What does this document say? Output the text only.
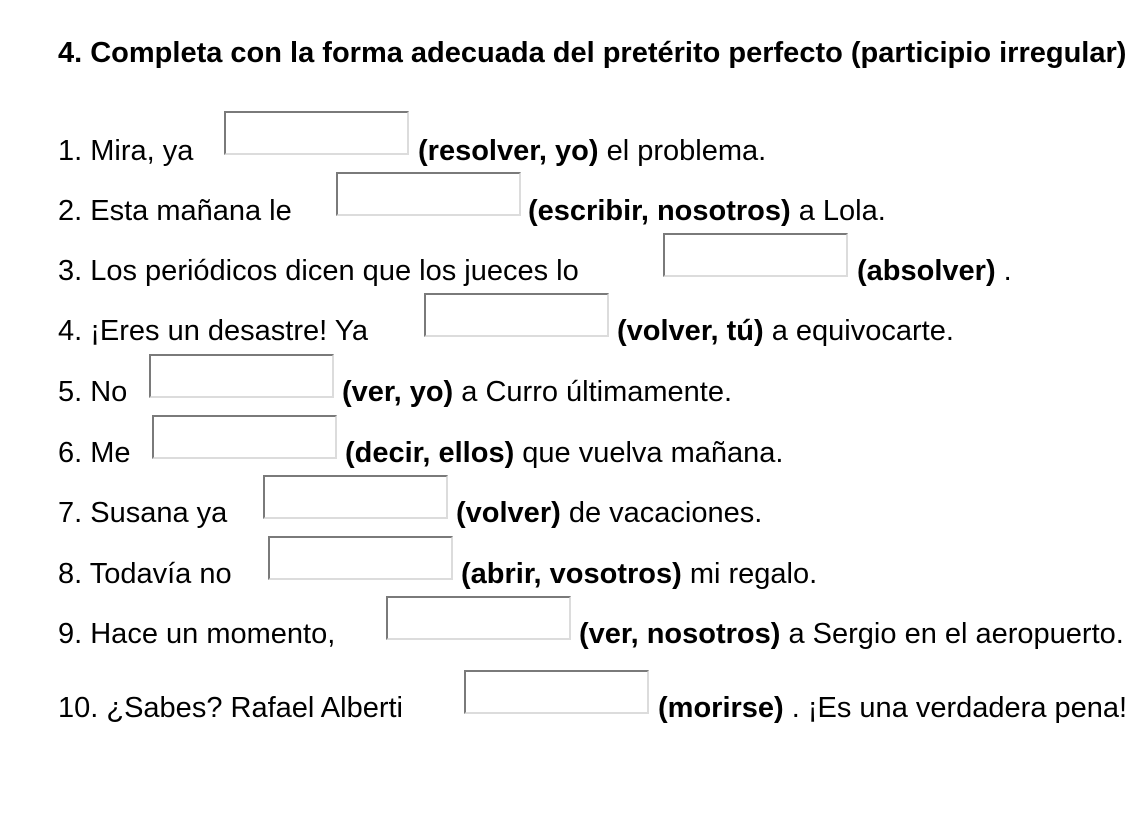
4. Completa con la forma adecuada del pretérito perfecto (participio irregular)
1. Mira, ya	(resolver, yo) el problema.
2. Esta mañana le	(escribir, nosotros) a Lola.
3. Los periódicos dicen que los jueces lo	(absolver) .
4. ¡Eres un desastre! Ya	(volver, tú) a equivocarte.
5. No	(ver, yo) a Curro últimamente.
6. Me	(decir, ellos) que vuelva mañana.
7. Susana ya	(volver) de vacaciones.
8. Todavía no	(abrir, vosotros) mi regalo.
9. Hace un momento,	(ver, nosotros) a Sergio en el aeropuerto.
10. ¿Sabes? Rafael Alberti	(morirse) . ¡Es una verdadera pena!
